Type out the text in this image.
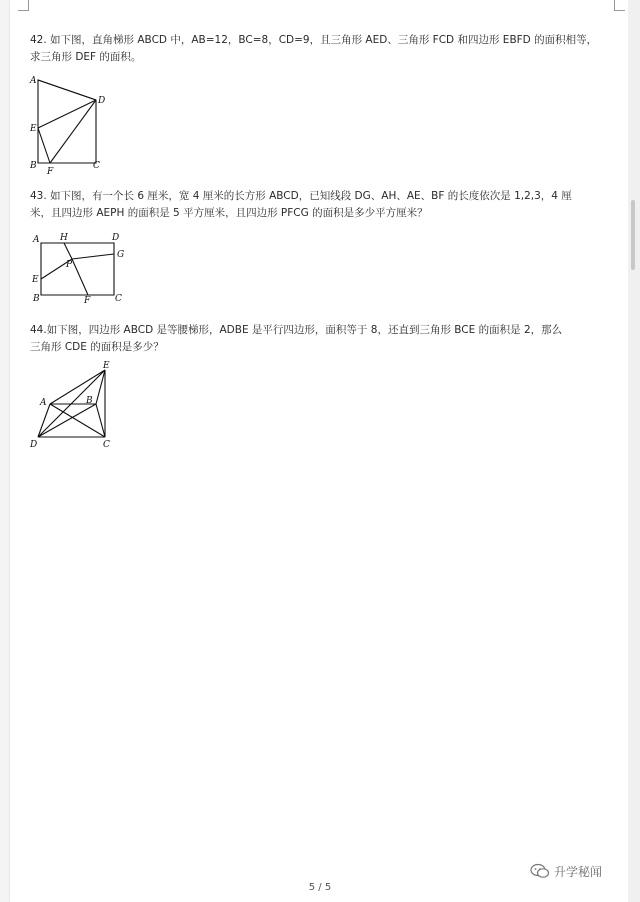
42. 如下图，直角梯形 ABCD 中，AB=12，BC=8，CD=9，且三角形 AED、三角形 FCD 和四边形 EBFD 的面积相等，
求三角形 DEF 的面积。
A
D
E
B
F
C
A H	D
G
P
E
B	F	C
E
A	B
D	C
43. 如下图，有一个长 6 厘米，宽 4 厘米的长方形 ABCD，已知线段 DG、AH、AE、BF 的长度依次是 1,2,3，4 厘
米，且四边形 AEPH 的面积是 5 平方厘米，且四边形 PFCG 的面积是多少平方厘米？
44.如下图，四边形 ABCD 是等腰梯形，ADBE 是平行四边形，面积等于 8，还直到三角形 BCE 的面积是 2，那么
三角形 CDE 的面积是多少？
升学秘闻
5 / 5
